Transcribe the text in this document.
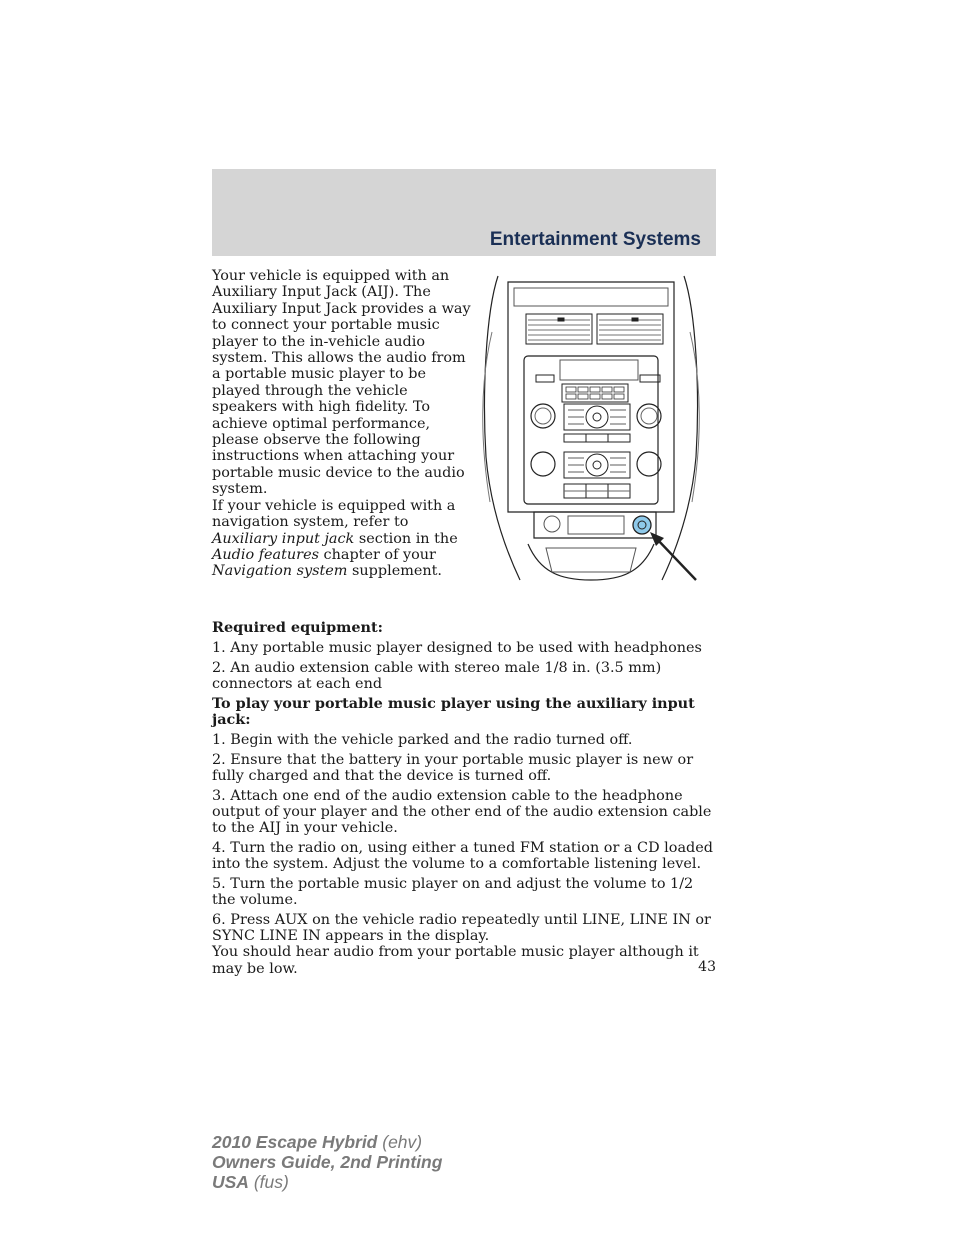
Entertainment Systems

Your vehicle is equipped with an Auxiliary Input Jack (AIJ). The Auxiliary Input Jack provides a way to connect your portable music player to the in-vehicle audio system. This allows the audio from a portable music player to be played through the vehicle speakers with high fidelity. To achieve optimal performance, please observe the following instructions when attaching your portable music device to the audio system.

If your vehicle is equipped with a navigation system, refer to Auxiliary input jack section in the Audio features chapter of your Navigation system supplement.

Required equipment:

1. Any portable music player designed to be used with headphones

2. An audio extension cable with stereo male 1/8 in. (3.5 mm) connectors at each end

To play your portable music player using the auxiliary input jack:

1. Begin with the vehicle parked and the radio turned off.

2. Ensure that the battery in your portable music player is new or fully charged and that the device is turned off.

3. Attach one end of the audio extension cable to the headphone output of your player and the other end of the audio extension cable to the AIJ in your vehicle.

4. Turn the radio on, using either a tuned FM station or a CD loaded into the system. Adjust the volume to a comfortable listening level.

5. Turn the portable music player on and adjust the volume to 1/2 the volume.

6. Press AUX on the vehicle radio repeatedly until LINE, LINE IN or SYNC LINE IN appears in the display.

You should hear audio from your portable music player although it may be low.	43
2010 Escape Hybrid (ehv)
Owners Guide, 2nd Printing
USA (fus)
